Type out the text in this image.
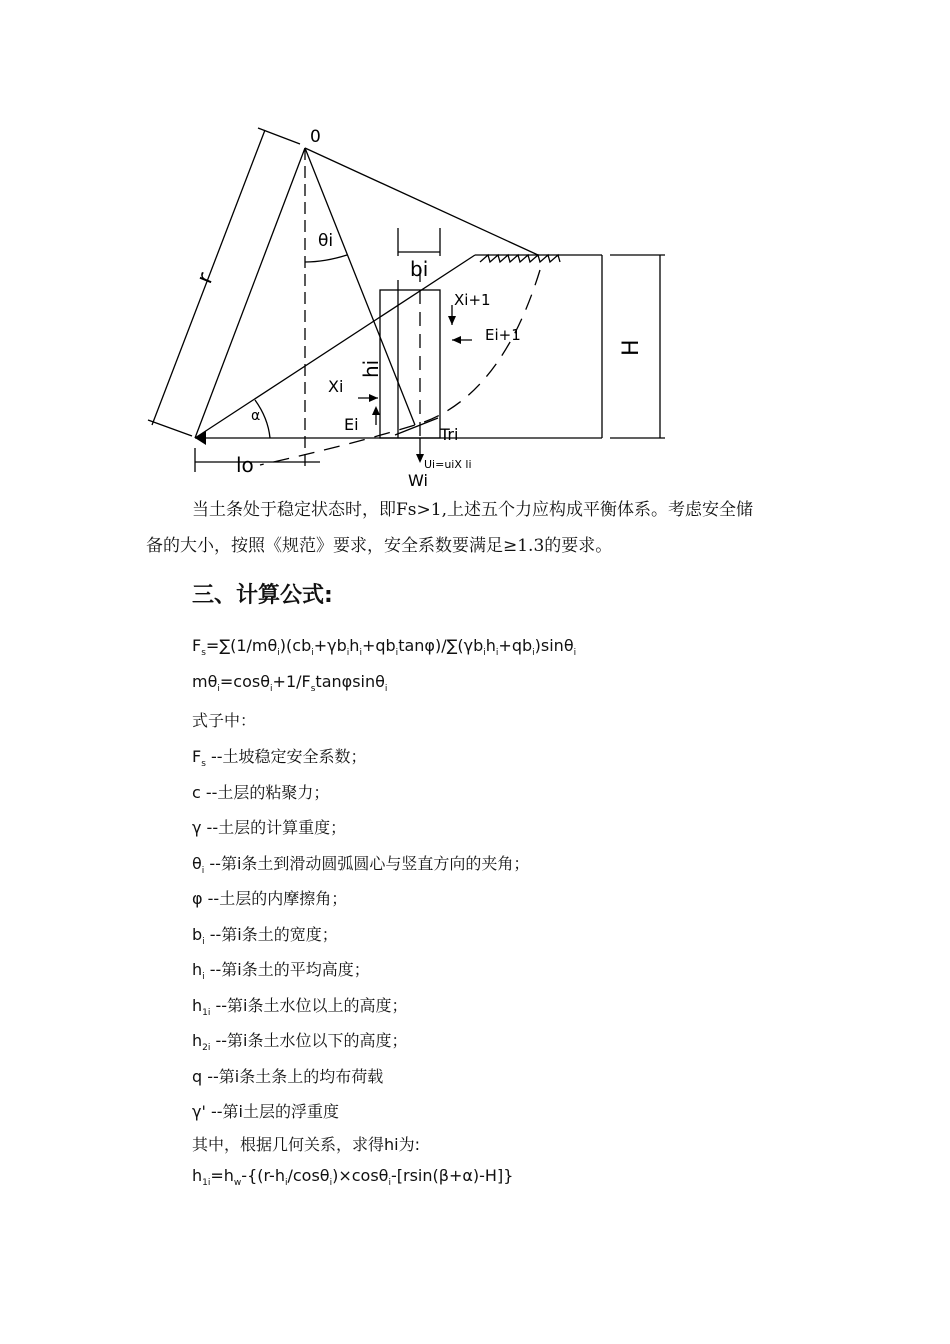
0
r
θi
bi
Xi+1
Ei+1
H
hi
Xi
Ei
α
Tri
Ui=uiX li
Wi
lo

当土条处于稳定状态时，即Fs>1,上述五个力应构成平衡体系。考虑安全储

备的大小，按照《规范》要求，安全系数要满足≥1.3的要求。

三、计算公式:

$F_s=\sum(1/m\theta_i)(cb_i+\gamma b_ih_i+qb_i\tan\varphi)/\sum(\gamma b_ih_i+qb_i)\sin\theta_i$

$m\theta_i=\cos\theta_i+1/F_s\tan\varphi\sin\theta_i$

式子中：

$F_s$ --土坡稳定安全系数；

c --土层的粘聚力；

γ --土层的计算重度；

$\theta_i$ --第i条土到滑动圆弧圆心与竖直方向的夹角；

φ --土层的内摩擦角；

$b_i$ --第i条土的宽度；

$h_i$ --第i条土的平均高度；

$h_{1i}$ --第i条土水位以上的高度；

$h_{2i}$ --第i条土水位以下的高度；

q --第i条土条上的均布荷载

γ' --第i土层的浮重度

其中，根据几何关系，求得hi为:

$h_{1i}=h_w-\{(r-h_i/\cos\theta_i)\times\cos\theta_i-[rsin(\beta+\alpha)-H]\}$
